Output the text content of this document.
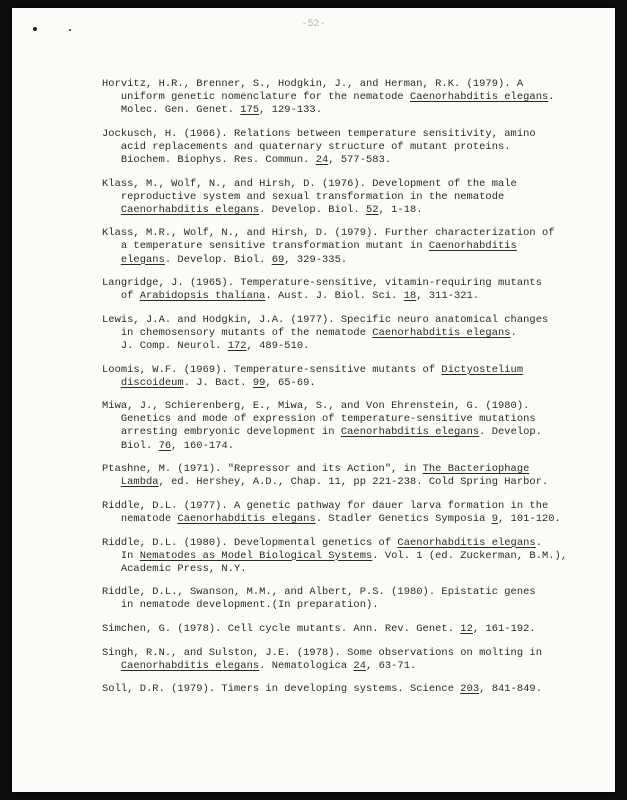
-52-
Horvitz, H.R., Brenner, S., Hodgkin, J., and Herman, R.K. (1979). A
uniform genetic nomenclature for the nematode Caenorhabditis elegans.
Molec. Gen. Genet. 175, 129-133.
Jockusch, H. (1966). Relations between temperature sensitivity, amino
acid replacements and quaternary structure of mutant proteins.
Biochem. Biophys. Res. Commun. 24, 577-583.
Klass, M., Wolf, N., and Hirsh, D. (1976). Development of the male
reproductive system and sexual transformation in the nematode
Caenorhabditis elegans. Develop. Biol. 52, 1-18.
Klass, M.R., Wolf, N., and Hirsh, D. (1979). Further characterization of
a temperature sensitive transformation mutant in Caenorhabditis
elegans. Develop. Biol. 69, 329-335.
Langridge, J. (1965). Temperature-sensitive, vitamin-requiring mutants
of Arabidopsis thaliana. Aust. J. Biol. Sci. 18, 311-321.
Lewis, J.A. and Hodgkin, J.A. (1977). Specific neuro anatomical changes
in chemosensory mutants of the nematode Caenorhabditis elegans.
J. Comp. Neurol. 172, 489-510.
Loomis, W.F. (1969). Temperature-sensitive mutants of Dictyostelium
discoideum. J. Bact. 99, 65-69.
Miwa, J., Schierenberg, E., Miwa, S., and Von Ehrenstein, G. (1980).
Genetics and mode of expression of temperature-sensitive mutations
arresting embryonic development in Caenorhabditis elegans. Develop.
Biol. 76, 160-174.
Ptashne, M. (1971). "Repressor and its Action", in The Bacteriophage
Lambda, ed. Hershey, A.D., Chap. 11, pp 221-238. Cold Spring Harbor.
Riddle, D.L. (1977). A genetic pathway for dauer larva formation in the
nematode Caenorhabditis elegans. Stadler Genetics Symposia 9, 101-120.
Riddle, D.L. (1980). Developmental genetics of Caenorhabditis elegans.
In Nematodes as Model Biological Systems. Vol. 1 (ed. Zuckerman, B.M.),
Academic Press, N.Y.
Riddle, D.L., Swanson, M.M., and Albert, P.S. (1980). Epistatic genes
in nematode development.(In preparation).
Simchen, G. (1978). Cell cycle mutants. Ann. Rev. Genet. 12, 161-192.
Singh, R.N., and Sulston, J.E. (1978). Some observations on molting in
Caenorhabditis elegans. Nematologica 24, 63-71.
Soll, D.R. (1979). Timers in developing systems. Science 203, 841-849.
